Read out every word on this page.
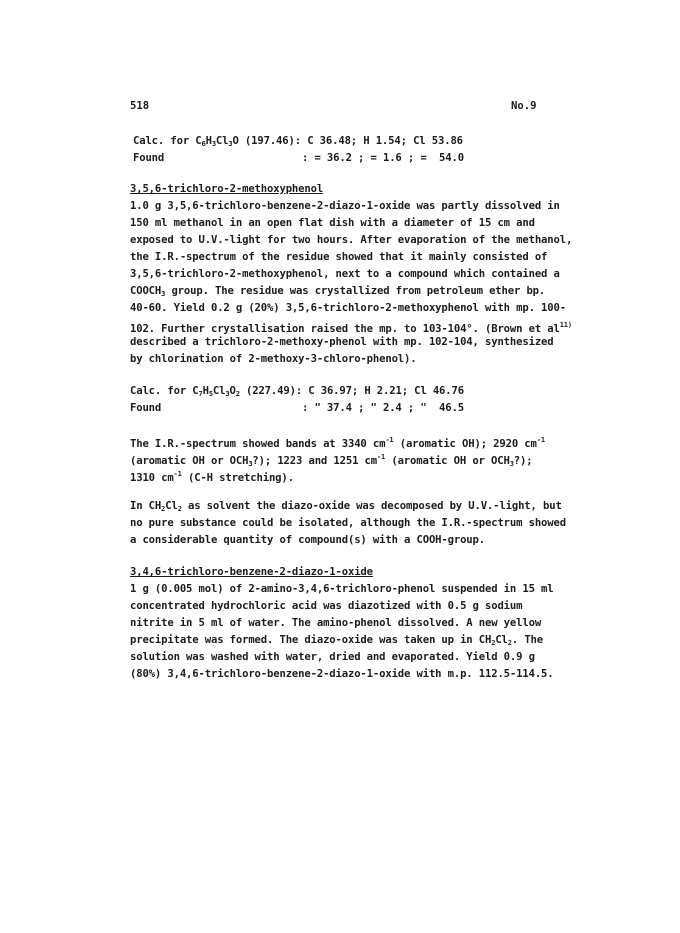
518	No.9
Calc. for $C_6H_3Cl_3O$ (197.46): C 36.48; H 1.54; Cl 53.86
Found	: = 36.2 ; = 1.6 ; =  54.0
3,5,6-trichloro-2-methoxyphenol
1.0 g 3,5,6-trichloro-benzene-2-diazo-1-oxide was partly dissolved in
150 ml methanol in an open flat dish with a diameter of 15 cm and
exposed to U.V.-light for two hours. After evaporation of the methanol,
the I.R.-spectrum of the residue showed that it mainly consisted of
3,5,6-trichloro-2-methoxyphenol, next to a compound which contained a
$COOCH_3$ group. The residue was crystallized from petroleum ether bp.
40-60. Yield 0.2 g (20%) 3,5,6-trichloro-2-methoxyphenol with mp. 100-
102. Further crystallisation raised the mp. to 103-104°. (Brown et $al^{11)}$
described a trichloro-2-methoxy-phenol with mp. 102-104, synthesized
by chlorination of 2-methoxy-3-chloro-phenol).
Calc. for $C_7H_5Cl_3O_2$ (227.49): C 36.97; H 2.21; Cl 46.76
Found	: " 37.4 ; " 2.4 ; "  46.5
The I.R.-spectrum showed bands at 3340 $cm^{-1}$ (aromatic OH); 2920 $cm^{-1}$
(aromatic OH or $OCH_3$?); 1223 and 1251 $cm^{-1}$ (aromatic OH or $OCH_3$?);
1310 $cm^{-1}$ (C-H stretching).
In $CH_2Cl_2$ as solvent the diazo-oxide was decomposed by U.V.-light, but
no pure substance could be isolated, although the I.R.-spectrum showed
a considerable quantity of compound(s) with a COOH-group.
3,4,6-trichloro-benzene-2-diazo-1-oxide
1 g (0.005 mol) of 2-amino-3,4,6-trichloro-phenol suspended in 15 ml
concentrated hydrochloric acid was diazotized with 0.5 g sodium
nitrite in 5 ml of water. The amino-phenol dissolved. A new yellow
precipitate was formed. The diazo-oxide was taken up in $CH_2Cl_2$. The
solution was washed with water, dried and evaporated. Yield 0.9 g
(80%) 3,4,6-trichloro-benzene-2-diazo-1-oxide with m.p. 112.5-114.5.
